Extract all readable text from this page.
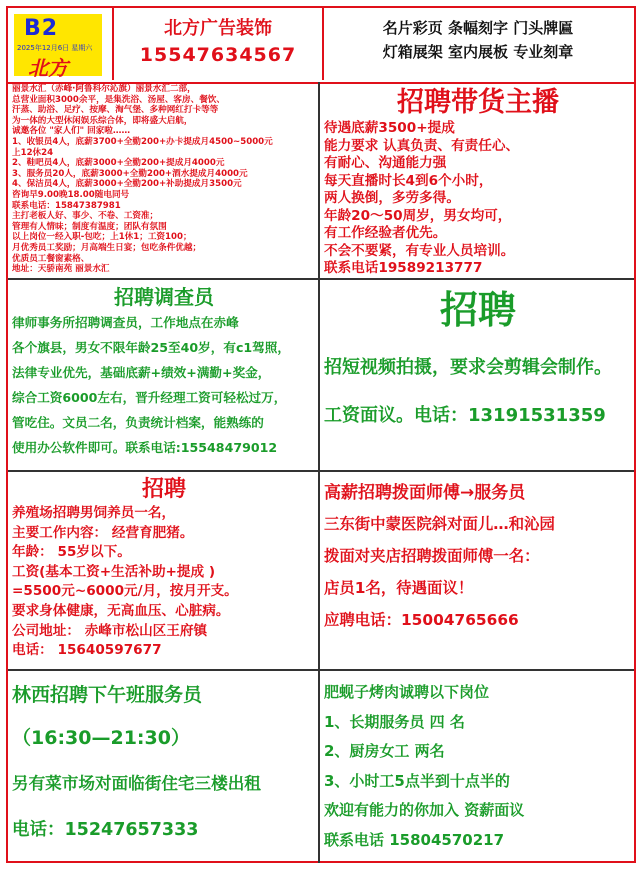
B2
2025年12月6日 星期六
北方
北方广告装饰
15547634567
名片彩页 条幅刻字 门头牌匾
灯箱展架 室内展板 专业刻章
丽景水汇（赤峰·阿鲁科尔沁旗）丽景水汇二部，
总营业面积3000余平，是集洗浴、汤屋、客房、餐饮、
汗蒸、助浴、足疗、按摩、淘气堡、多种网红打卡等等
为一体的大型休闲娱乐综合体，即将盛大启航，
诚邀各位 "家人们" 回家啦……
1、收银员4人，底薪3700+全勤200+办卡提成月4500~5000元
上12休24
2、鞋吧员4人，底薪3000+全勤200+提成月4000元
3、服务员20人，底薪3000+全勤200+酒水提成月4000元
4、保洁员4人，底薪3000+全勤200+补助提成月3500元
咨询早9.00晚18.00随电同号
联系电话：15847387981
主打老板人好、事少、不卷、工资准；
管理有人情味；制度有温度；团队有氛围
以上岗位一经入职-包吃；上1休1；工资100；
月优秀员工奖励；月高端生日宴；包吃条件优越；
优质员工餐窗素格、
地址：天骄南苑 丽景水汇
招聘带货主播
待遇底薪3500+提成
能力要求 认真负责、有责任心、
有耐心、沟通能力强
每天直播时长4到6个小时，
两人换倒，多劳多得。
年龄20～50周岁，男女均可，
有工作经验者优先。
不会不要紧，有专业人员培训。
联系电话19589213777
招聘调查员
律师事务所招聘调查员，工作地点在赤峰
各个旗县，男女不限年龄25至40岁，有c1驾照，
法律专业优先，基础底薪+绩效+满勤+奖金，
综合工资6000左右，晋升经理工资可轻松过万，
管吃住。文员二名，负责统计档案，能熟练的
使用办公软件即可。联系电话:15548479012
招聘
招短视频拍摄，要求会剪辑会制作。
工资面议。电话：13191531359
招聘
养殖场招聘男饲养员一名，
主要工作内容： 经营育肥猪。
年龄： 55岁以下。
工资(基本工资+生活补助+提成 )
=5500元~6000元/月，按月开支。
要求身体健康，无高血压、心脏病。
公司地址： 赤峰市松山区王府镇
电话： 15640597677
高薪招聘拨面师傅→服务员
三东街中蒙医院斜对面儿…和沁园
拨面对夹店招聘拨面师傅一名：
店员1名，待遇面议！
应聘电话：15004765666
林西招聘下午班服务员
（16:30—21:30）
另有菜市场对面临街住宅三楼出租
电话：15247657333
肥蚬子烤肉诚聘以下岗位
1、长期服务员 四 名
2、厨房女工 两名
3、小时工5点半到十点半的
欢迎有能力的你加入 资薪面议
联系电话 15804570217
